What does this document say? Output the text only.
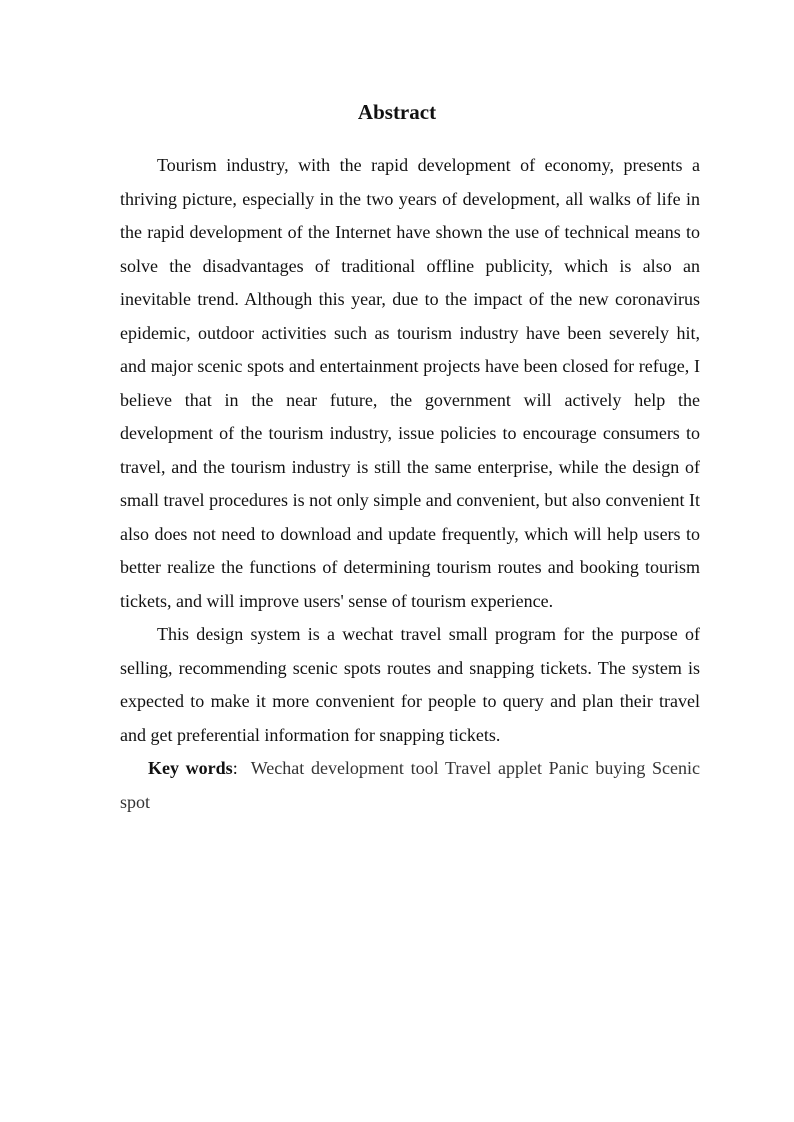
Abstract

Tourism industry, with the rapid development of economy, presents a thriving picture, especially in the two years of development, all walks of life in the rapid development of the Internet have shown the use of technical means to solve the disadvantages of traditional offline publicity, which is also an inevitable trend. Although this year, due to the impact of the new coronavirus epidemic, outdoor activities such as tourism industry have been severely hit, and major scenic spots and entertainment projects have been closed for refuge, I believe that in the near future, the government will actively help the development of the tourism industry, issue policies to encourage consumers to travel, and the tourism industry is still the same enterprise, while the design of small travel procedures is not only simple and convenient, but also convenient It also does not need to download and update frequently, which will help users to better realize the functions of determining tourism routes and booking tourism tickets, and will improve users' sense of tourism experience.

This design system is a wechat travel small program for the purpose of selling, recommending scenic spots routes and snapping tickets. The system is expected to make it more convenient for people to query and plan their travel and get preferential information for snapping tickets.

Key words: Wechat development tool Travel applet Panic buying Scenic spot
